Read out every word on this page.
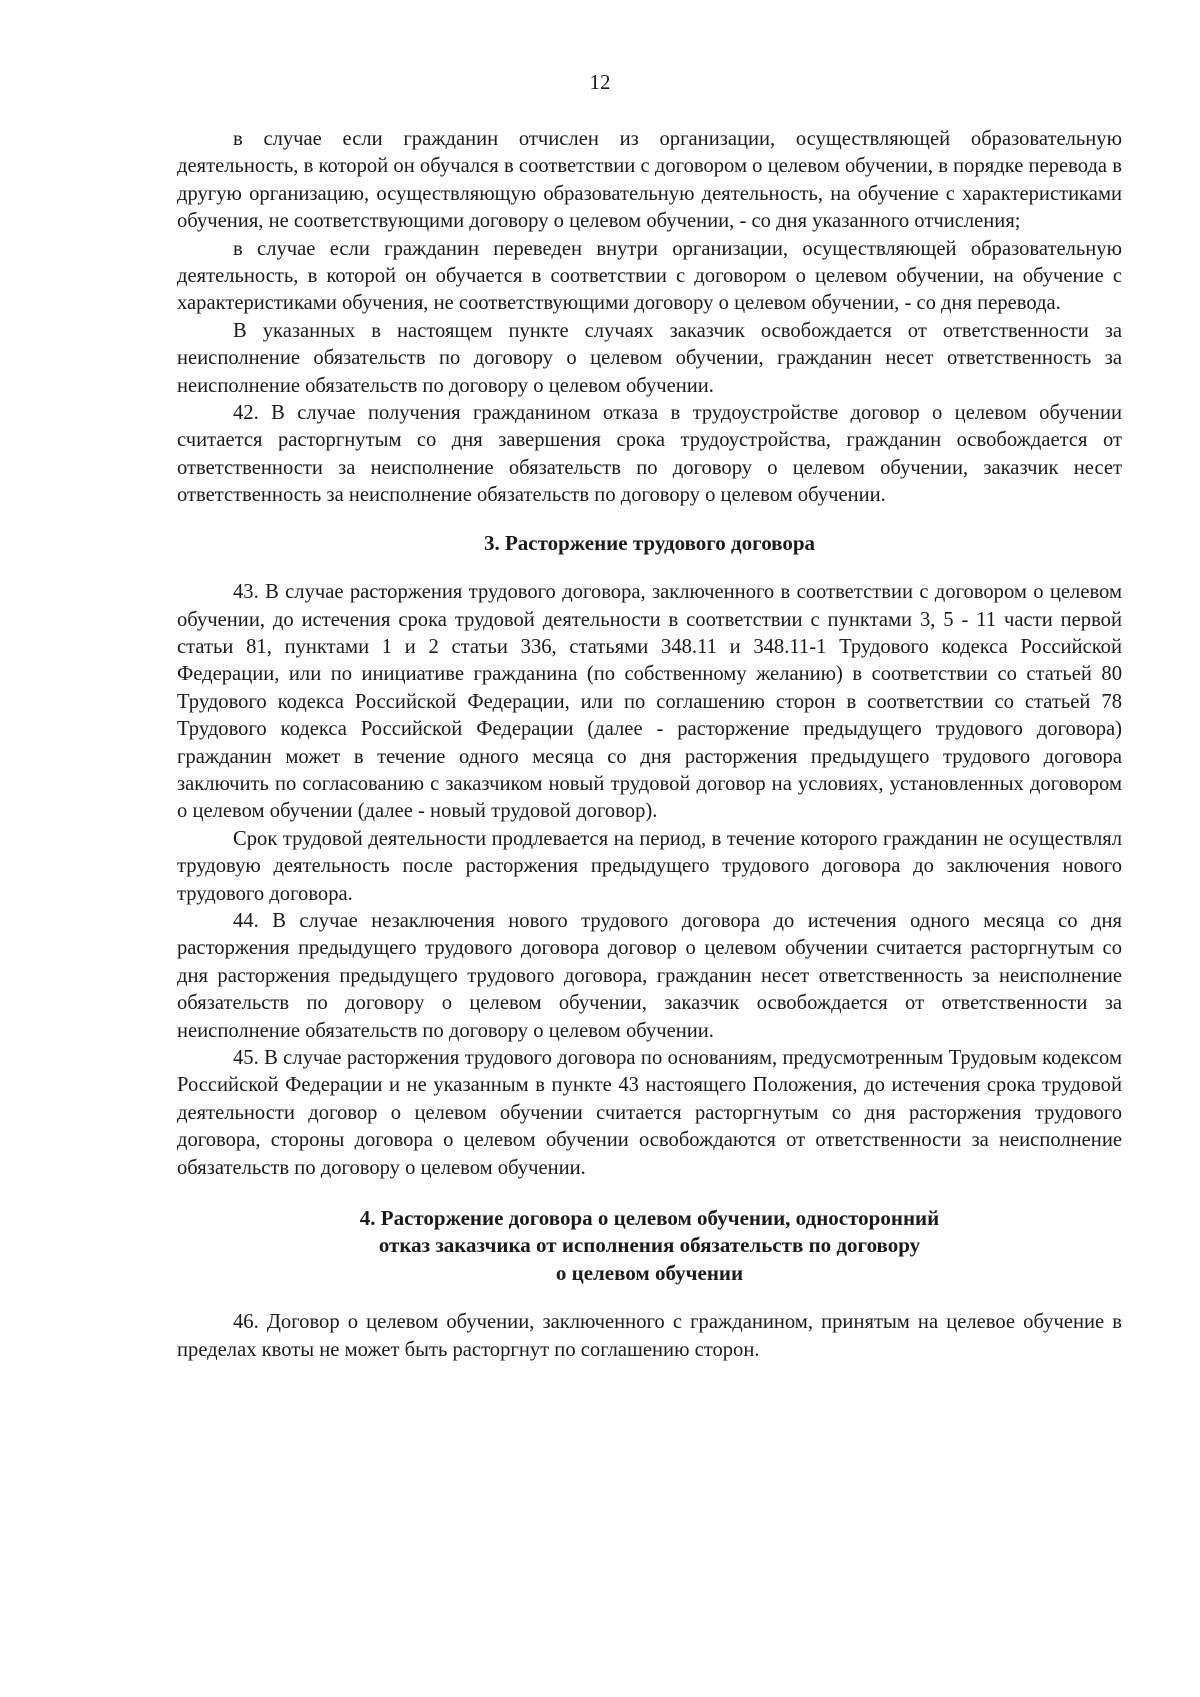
12

в случае если гражданин отчислен из организации, осуществляющей образовательную деятельность, в которой он обучался в соответствии с договором о целевом обучении, в порядке перевода в другую организацию, осуществляющую образовательную деятельность, на обучение с характеристиками обучения, не соответствующими договору о целевом обучении, - со дня указанного отчисления;

в случае если гражданин переведен внутри организации, осуществляющей образовательную деятельность, в которой он обучается в соответствии с договором о целевом обучении, на обучение с характеристиками обучения, не соответствующими договору о целевом обучении, - со дня перевода.

В указанных в настоящем пункте случаях заказчик освобождается от ответственности за неисполнение обязательств по договору о целевом обучении, гражданин несет ответственность за неисполнение обязательств по договору о целевом обучении.

42. В случае получения гражданином отказа в трудоустройстве договор о целевом обучении считается расторгнутым со дня завершения срока трудоустройства, гражданин освобождается от ответственности за неисполнение обязательств по договору о целевом обучении, заказчик несет ответственность за неисполнение обязательств по договору о целевом обучении.

3. Расторжение трудового договора

43. В случае расторжения трудового договора, заключенного в соответствии с договором о целевом обучении, до истечения срока трудовой деятельности в соответствии с пунктами 3, 5 - 11 части первой статьи 81, пунктами 1 и 2 статьи 336, статьями 348.11 и 348.11-1 Трудового кодекса Российской Федерации, или по инициативе гражданина (по собственному желанию) в соответствии со статьей 80 Трудового кодекса Российской Федерации, или по соглашению сторон в соответствии со статьей 78 Трудового кодекса Российской Федерации (далее - расторжение предыдущего трудового договора) гражданин может в течение одного месяца со дня расторжения предыдущего трудового договора заключить по согласованию с заказчиком новый трудовой договор на условиях, установленных договором о целевом обучении (далее - новый трудовой договор).

Срок трудовой деятельности продлевается на период, в течение которого гражданин не осуществлял трудовую деятельность после расторжения предыдущего трудового договора до заключения нового трудового договора.

44. В случае незаключения нового трудового договора до истечения одного месяца со дня расторжения предыдущего трудового договора договор о целевом обучении считается расторгнутым со дня расторжения предыдущего трудового договора, гражданин несет ответственность за неисполнение обязательств по договору о целевом обучении, заказчик освобождается от ответственности за неисполнение обязательств по договору о целевом обучении.

45. В случае расторжения трудового договора по основаниям, предусмотренным Трудовым кодексом Российской Федерации и не указанным в пункте 43 настоящего Положения, до истечения срока трудовой деятельности договор о целевом обучении считается расторгнутым со дня расторжения трудового договора, стороны договора о целевом обучении освобождаются от ответственности за неисполнение обязательств по договору о целевом обучении.

4. Расторжение договора о целевом обучении, односторонний
отказ заказчика от исполнения обязательств по договору
о целевом обучении

46. Договор о целевом обучении, заключенного с гражданином, принятым на целевое обучение в пределах квоты не может быть расторгнут по соглашению сторон.
